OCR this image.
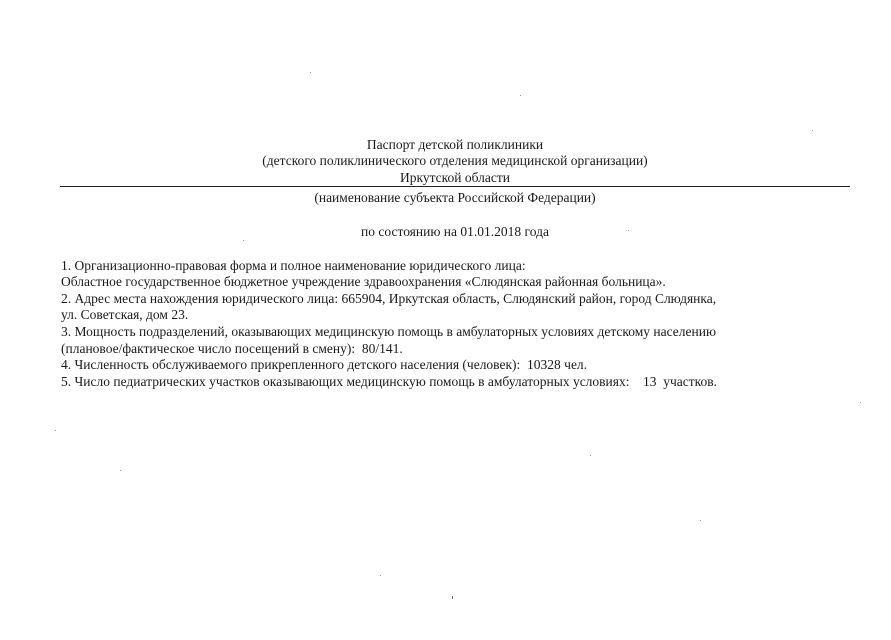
Паспорт детской поликлиники
(детского поликлинического отделения медицинской организации)
Иркутской области
(наименование субъекта Российской Федерации)
по состоянию на 01.01.2018 года
1. Организационно-правовая форма и полное наименование юридического лица:
Областное государственное бюджетное учреждение здравоохранения «Слюдянская районная больница».
2. Адрес места нахождения юридического лица: 665904, Иркутская область, Слюдянский район, город Слюдянка,
ул. Советская, дом 23.
3. Мощность подразделений, оказывающих медицинскую помощь в амбулаторных условиях детскому населению
(плановое/фактическое число посещений в смену):  80/141.
4. Численность обслуживаемого прикрепленного детского населения (человек):  10328 чел.
5. Число педиатрических участков оказывающих медицинскую помощь в амбулаторных условиях:    13  участков.
